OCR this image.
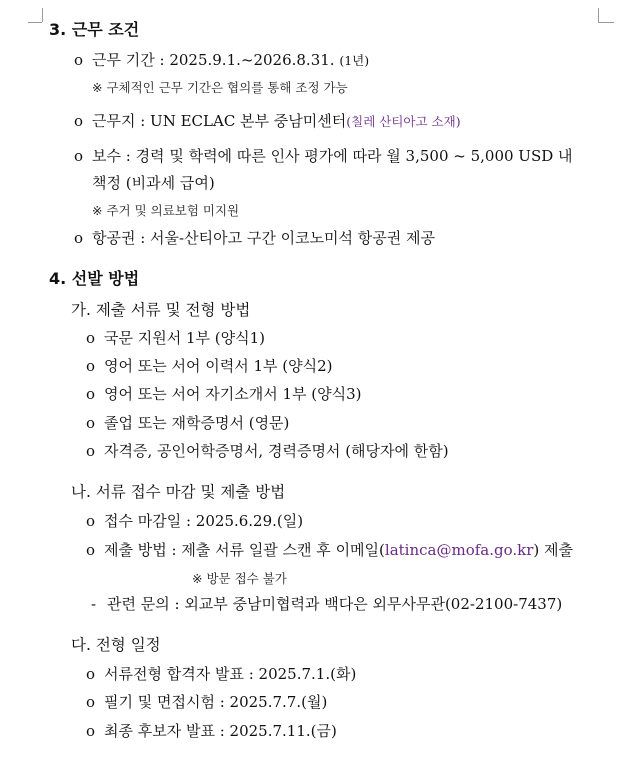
3. 근무 조건
o 근무 기간 : 2025.9.1.~2026.8.31. (1년)
※ 구체적인 근무 기간은 협의를 통해 조정 가능
o 근무지 : UN ECLAC 본부 중남미센터(칠레 산티아고 소재)
o 보수 : 경력 및 학력에 따른 인사 평가에 따라 월 3,500 ~ 5,000 USD 내
책정 (비과세 급여)
※ 주거 및 의료보험 미지원
o 항공권 : 서울-산티아고 구간 이코노미석 항공권 제공
4. 선발 방법
가. 제출 서류 및 전형 방법
o 국문 지원서 1부 (양식1)
o 영어 또는 서어 이력서 1부 (양식2)
o 영어 또는 서어 자기소개서 1부 (양식3)
o 졸업 또는 재학증명서 (영문)
o 자격증, 공인어학증명서, 경력증명서 (해당자에 한함)
나. 서류 접수 마감 및 제출 방법
o 접수 마감일 : 2025.6.29.(일)
o 제출 방법 : 제출 서류 일괄 스캔 후 이메일(latinca@mofa.go.kr) 제출
※ 방문 접수 불가
- 관련 문의 : 외교부 중남미협력과 백다은 외무사무관(02-2100-7437)
다. 전형 일정
o 서류전형 합격자 발표 : 2025.7.1.(화)
o 필기 및 면접시험 : 2025.7.7.(월)
o 최종 후보자 발표 : 2025.7.11.(금)
